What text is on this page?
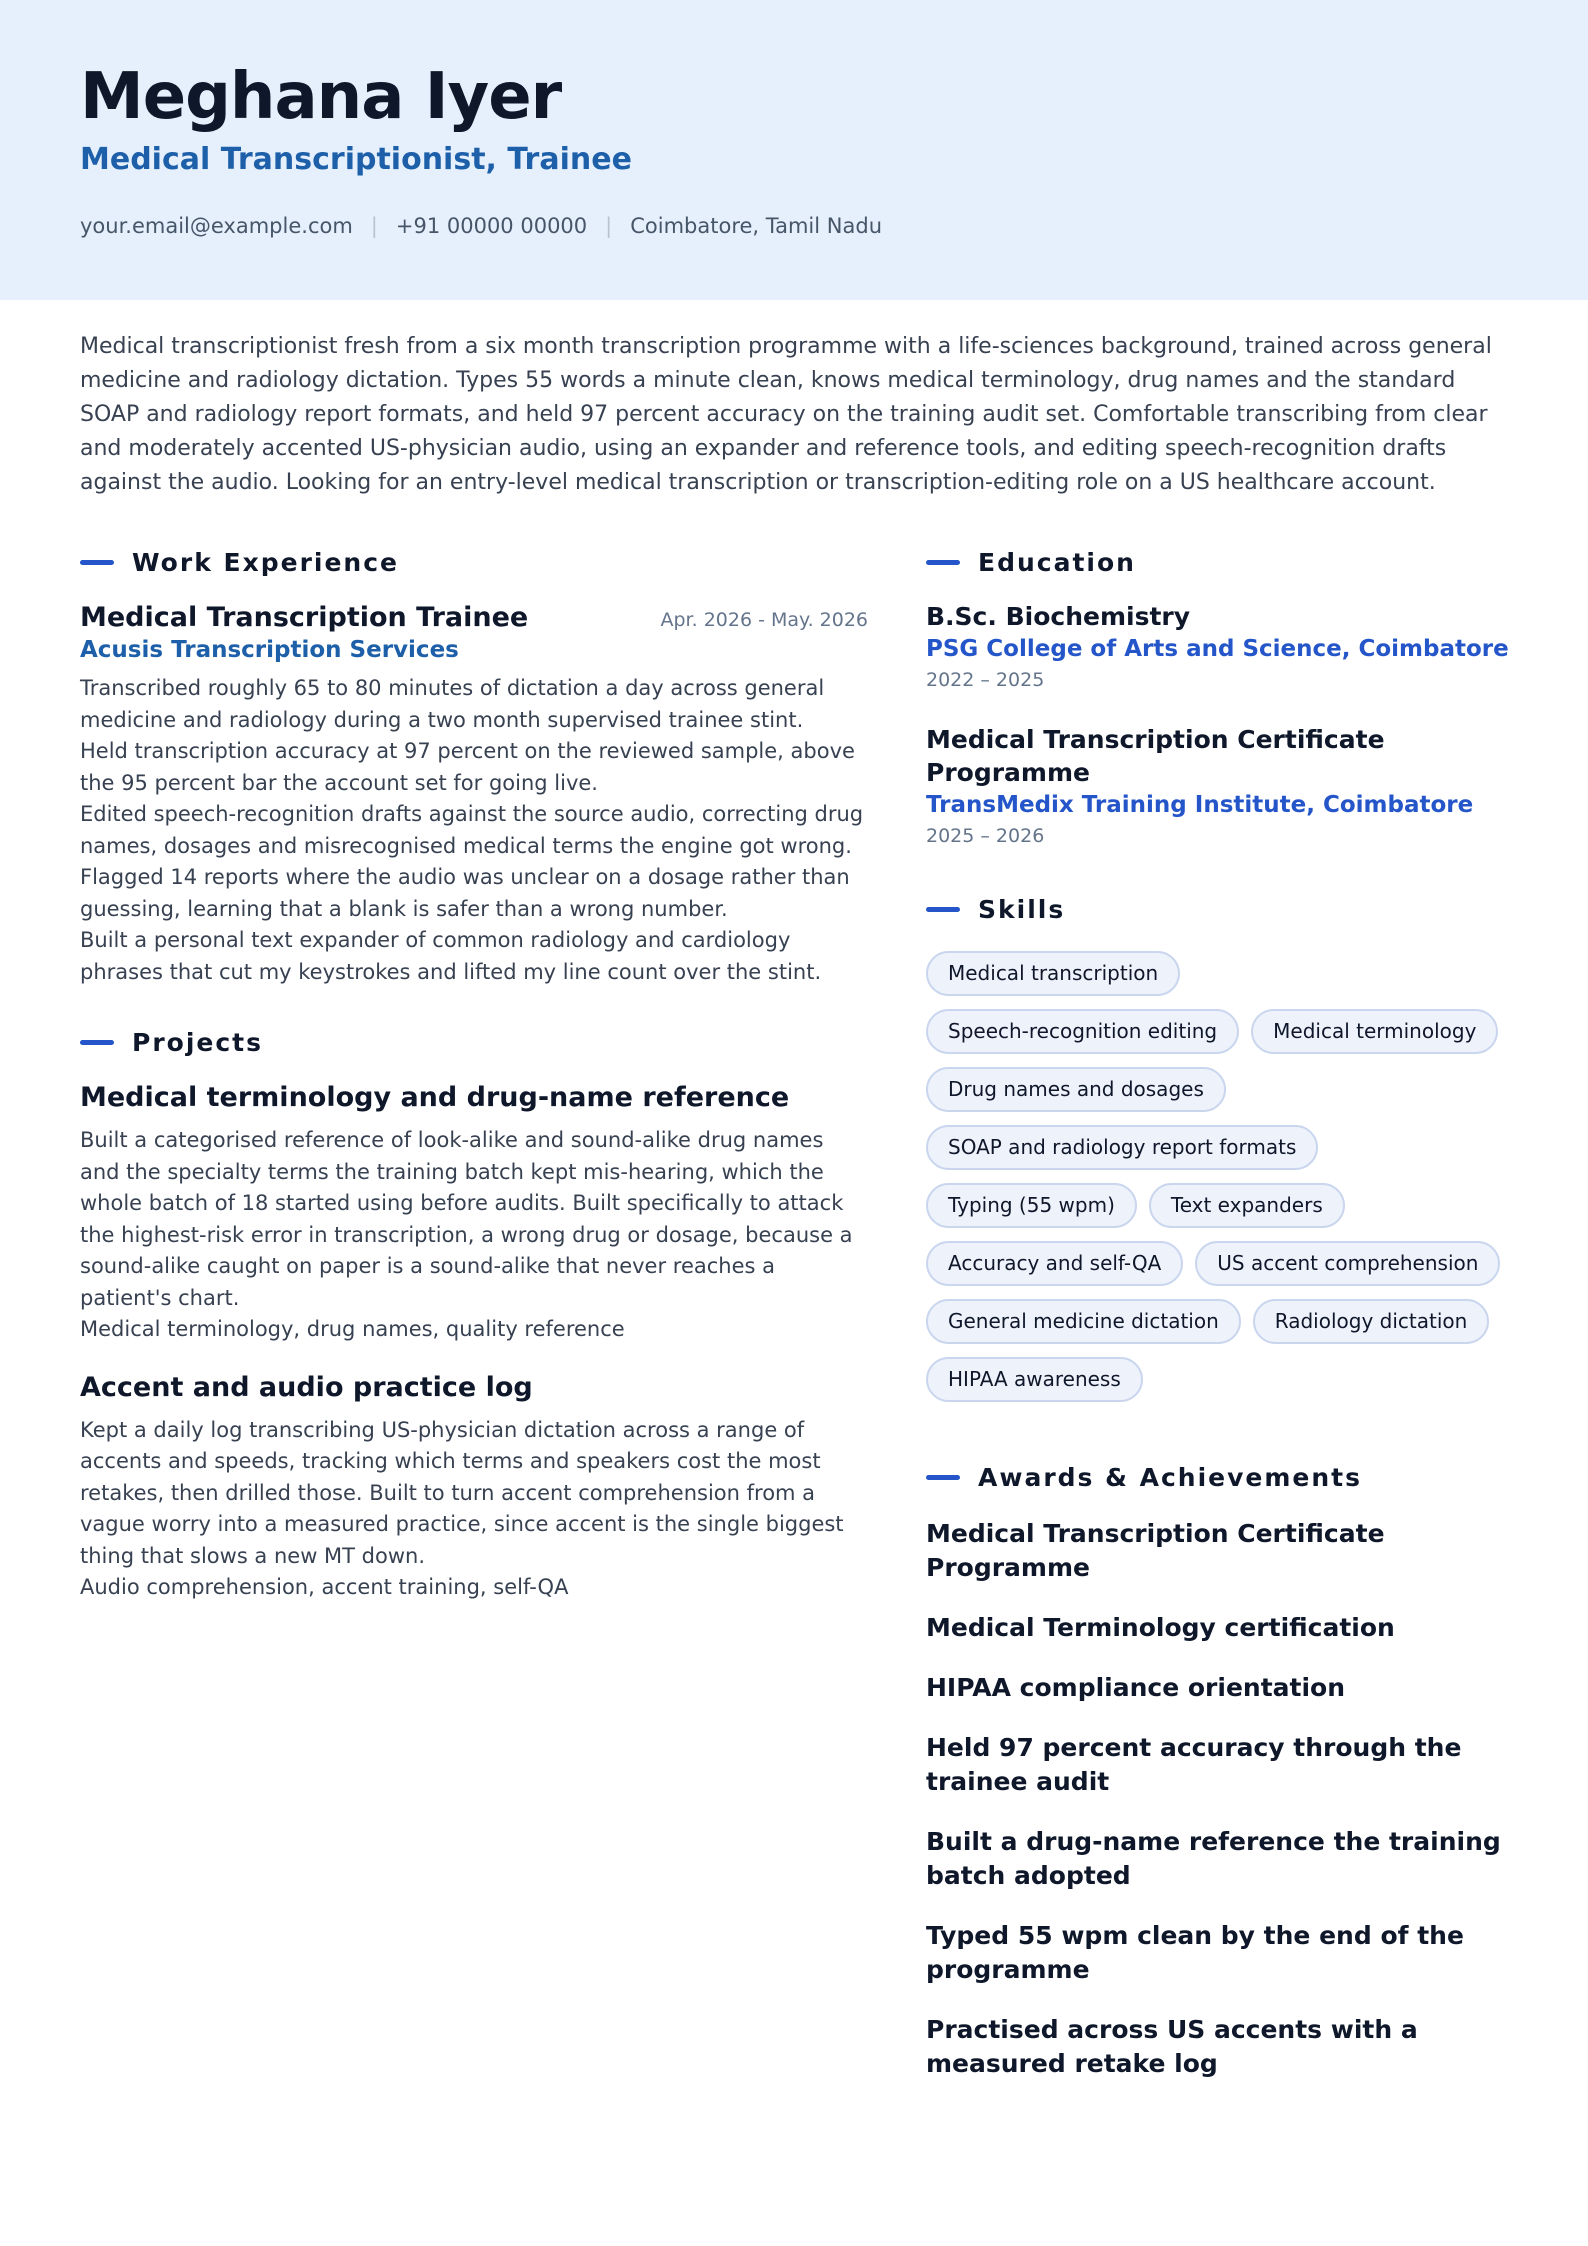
Meghana Iyer
Medical Transcriptionist, Trainee
your.email@example.com | +91 00000 00000 | Coimbatore, Tamil Nadu
Medical transcriptionist fresh from a six month transcription programme with a life-sciences background, trained across general medicine and radiology dictation. Types 55 words a minute clean, knows medical terminology, drug names and the standard SOAP and radiology report formats, and held 97 percent accuracy on the training audit set. Comfortable transcribing from clear and moderately accented US-physician audio, using an expander and reference tools, and editing speech-recognition drafts against the audio. Looking for an entry-level medical transcription or transcription-editing role on a US healthcare account.
Work Experience
Medical Transcription Trainee	Apr. 2026 - May. 2026
Acusis Transcription Services
Transcribed roughly 65 to 80 minutes of dictation a day across general medicine and radiology during a two month supervised trainee stint.
Held transcription accuracy at 97 percent on the reviewed sample, above the 95 percent bar the account set for going live.
Edited speech-recognition drafts against the source audio, correcting drug names, dosages and misrecognised medical terms the engine got wrong.
Flagged 14 reports where the audio was unclear on a dosage rather than guessing, learning that a blank is safer than a wrong number.
Built a personal text expander of common radiology and cardiology phrases that cut my keystrokes and lifted my line count over the stint.
Projects
Medical terminology and drug-name reference
Built a categorised reference of look-alike and sound-alike drug names and the specialty terms the training batch kept mis-hearing, which the whole batch of 18 started using before audits. Built specifically to attack the highest-risk error in transcription, a wrong drug or dosage, because a sound-alike caught on paper is a sound-alike that never reaches a patient's chart.
Medical terminology, drug names, quality reference
Accent and audio practice log
Kept a daily log transcribing US-physician dictation across a range of accents and speeds, tracking which terms and speakers cost the most retakes, then drilled those. Built to turn accent comprehension from a vague worry into a measured practice, since accent is the single biggest thing that slows a new MT down.
Audio comprehension, accent training, self-QA
Education
B.Sc. Biochemistry
PSG College of Arts and Science, Coimbatore
2022 – 2025
Medical Transcription Certificate Programme
TransMedix Training Institute, Coimbatore
2025 – 2026
Skills
Medical transcription
Speech-recognition editing	Medical terminology
Drug names and dosages
SOAP and radiology report formats
Typing (55 wpm)	Text expanders
Accuracy and self-QA	US accent comprehension
General medicine dictation	Radiology dictation
HIPAA awareness
Awards & Achievements
Medical Transcription Certificate Programme
Medical Terminology certification
HIPAA compliance orientation
Held 97 percent accuracy through the trainee audit
Built a drug-name reference the training batch adopted
Typed 55 wpm clean by the end of the programme
Practised across US accents with a measured retake log
